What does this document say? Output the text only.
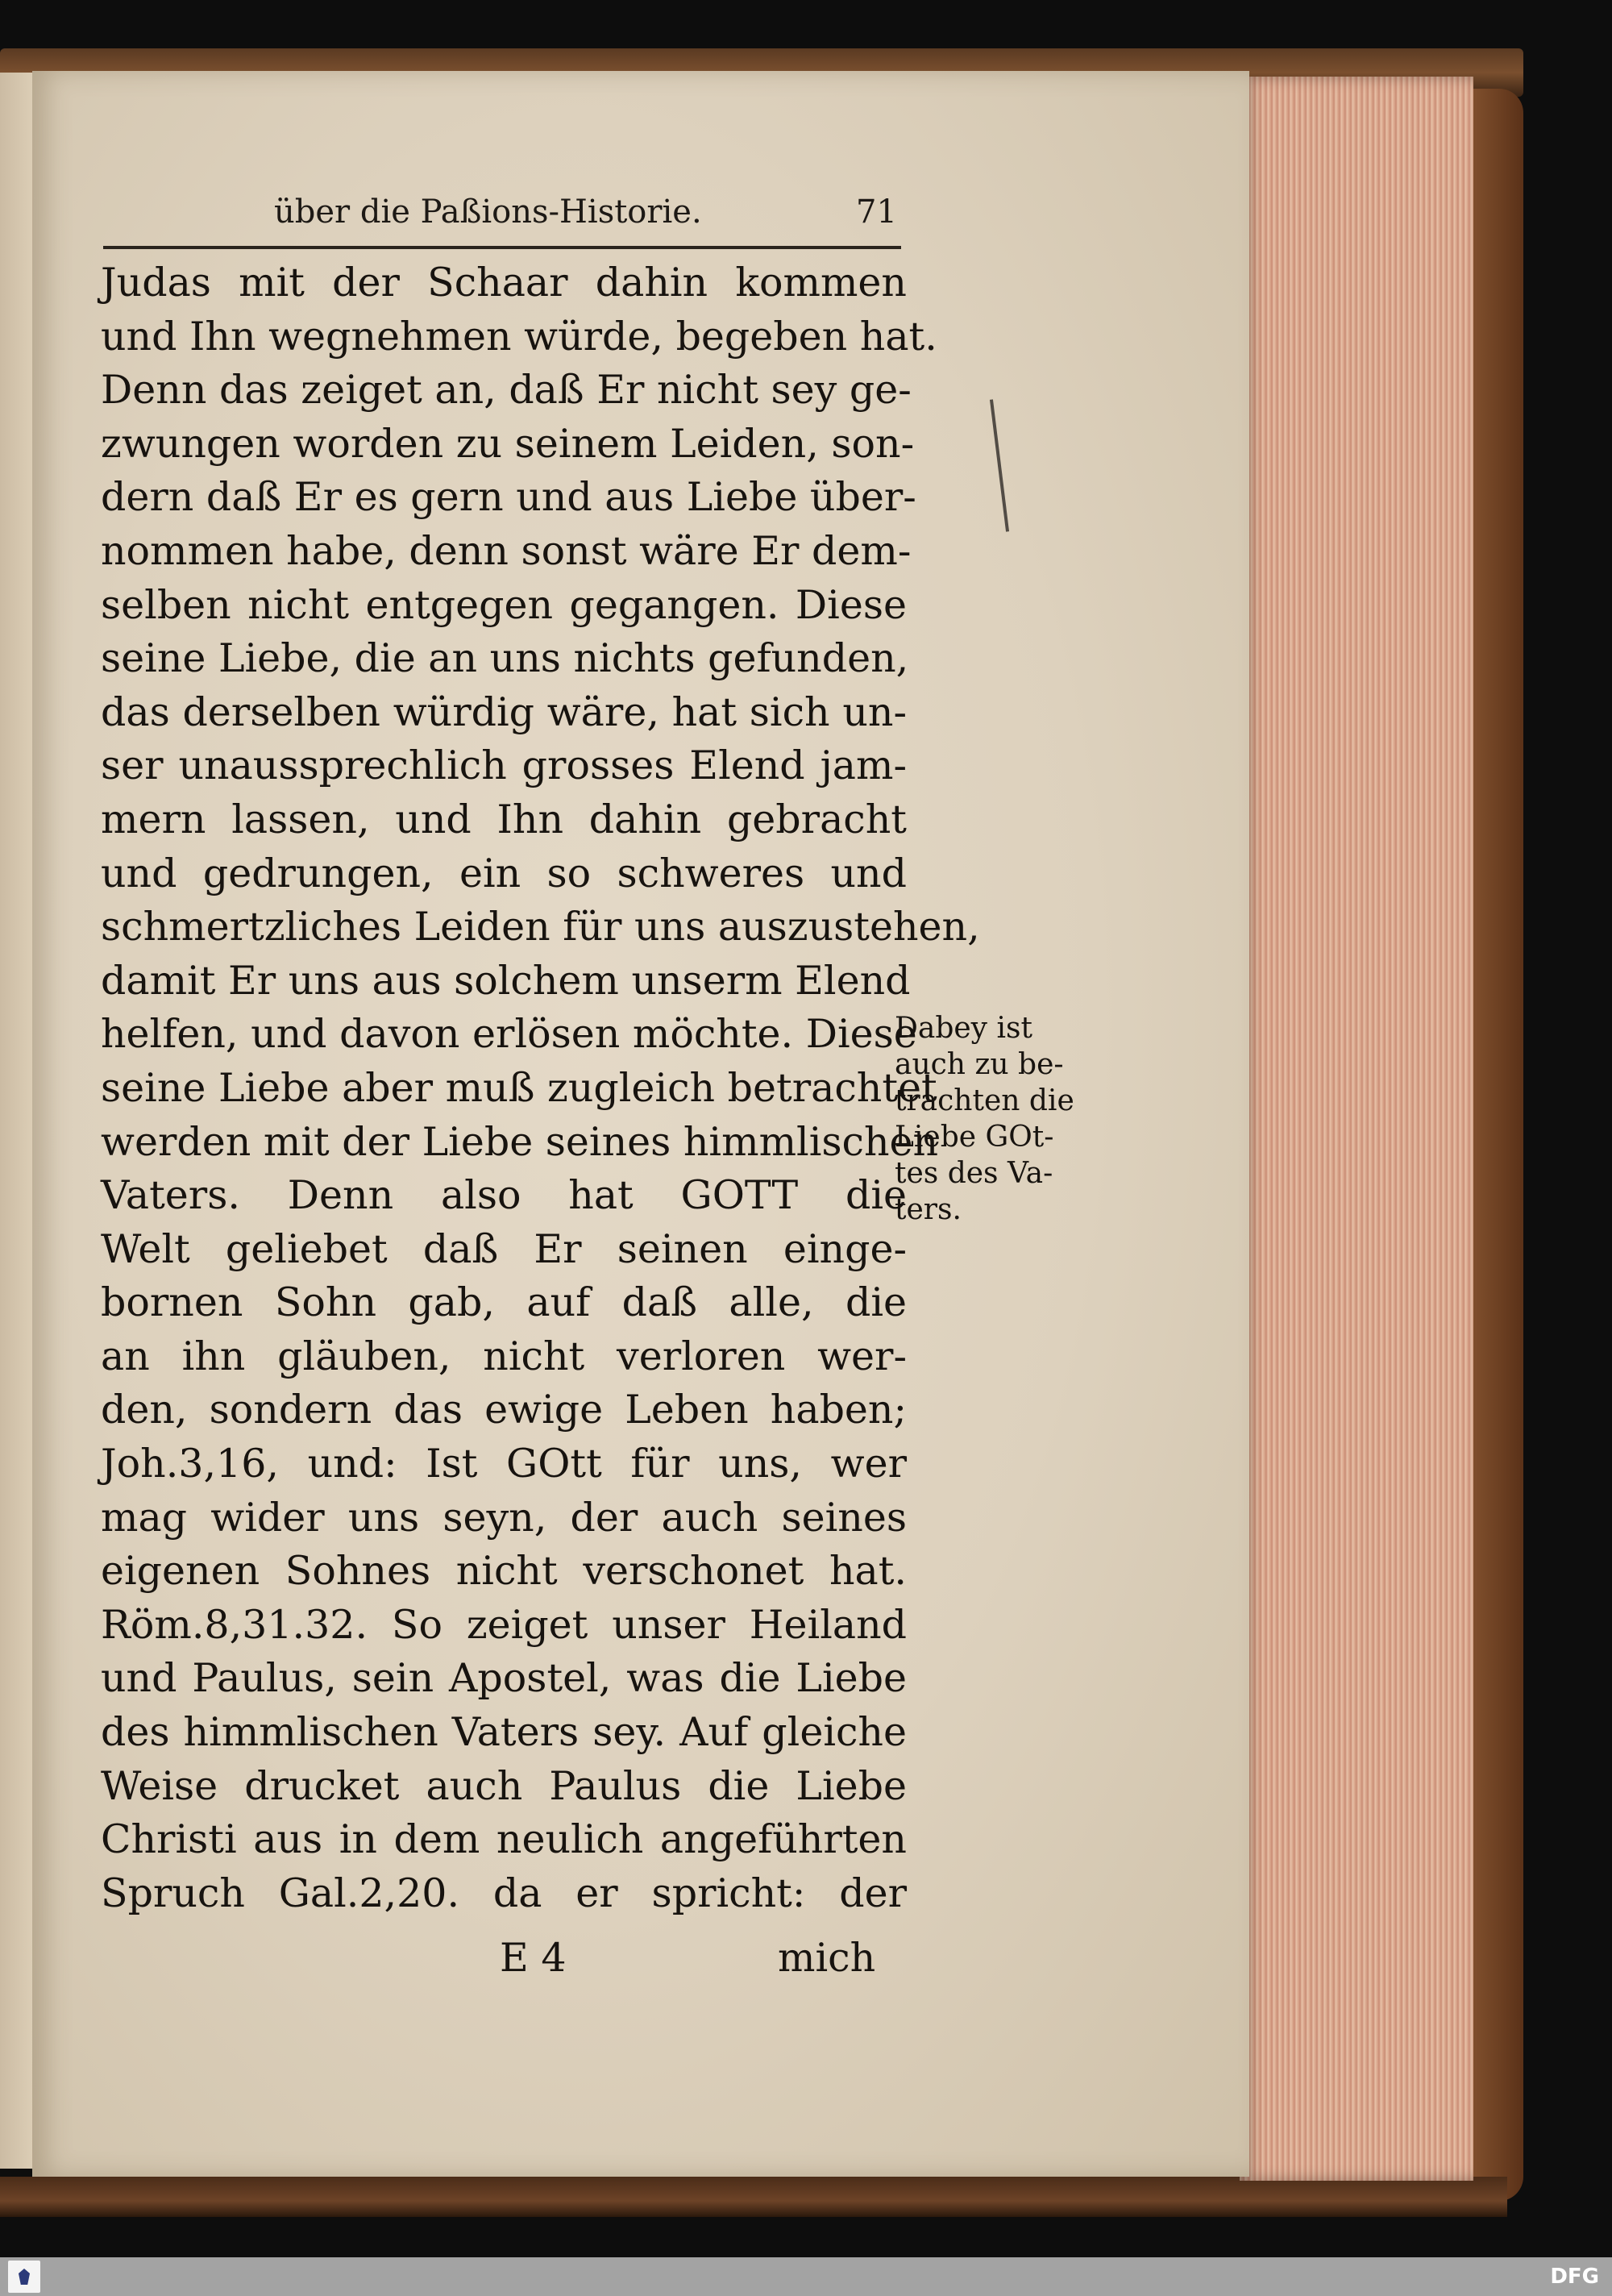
über die Paßions-Historie.	71
Judas mit der Schaar dahin kommen
und Ihn wegnehmen würde, begeben hat.
Denn das zeiget an, daß Er nicht sey ge-
zwungen worden zu seinem Leiden, son-
dern daß Er es gern und aus Liebe über-
nommen habe, denn sonst wäre Er dem-
selben nicht entgegen gegangen. Diese
seine Liebe, die an uns nichts gefunden,
das derselben würdig wäre, hat sich un-
ser unaussprechlich grosses Elend jam-
mern lassen, und Ihn dahin gebracht
und gedrungen, ein so schweres und
schmertzliches Leiden für uns auszustehen,
damit Er uns aus solchem unserm Elend
helfen, und davon erlösen möchte. Diese
seine Liebe aber muß zugleich betrachtet
werden mit der Liebe seines himmlischen
Vaters. Denn also hat GOTT die
Welt geliebet daß Er seinen einge-
bornen Sohn gab, auf daß alle, die
an ihn gläuben, nicht verloren wer-
den, sondern das ewige Leben haben;
Joh.3,16, und: Ist GOtt für uns, wer
mag wider uns seyn, der auch seines
eigenen Sohnes nicht verschonet hat.
Röm.8,31.32. So zeiget unser Heiland
und Paulus, sein Apostel, was die Liebe
des himmlischen Vaters sey. Auf gleiche
Weise drucket auch Paulus die Liebe
Christi aus in dem neulich angeführten
Spruch Gal.2,20. da er spricht: der
Dabey ist
auch zu be-
trachten die
Liebe GOt-
tes des Va-
ters.
E 4	mich
DFG
